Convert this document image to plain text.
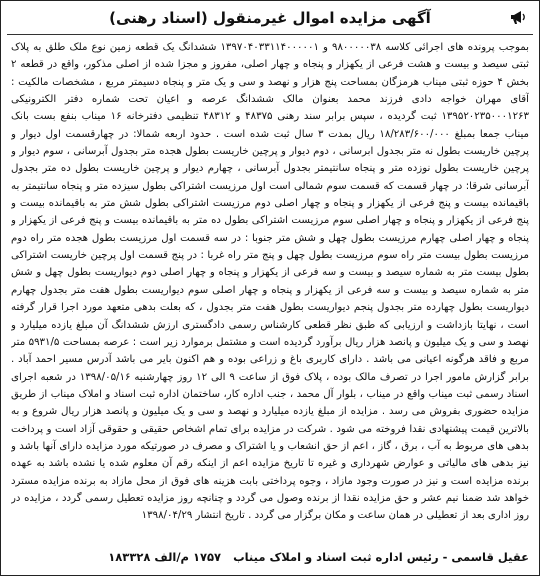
آگهی مزایده اموال غیرمنقول (اسناد رهنی)

بموجب پرونده های اجرائی کلاسه ۹۸۰۰۰۰۰۳۸ و ۱۳۹۷۰۴۰۳۳۱۱۴۰۰۰۰۰۱ ششدانگ یک قطعه زمین نوع ملک طلق به پلاک ثبتی سیصد و بیست و هشت فرعی از یکهزار و پنجاه و چهار اصلی، مفروز و مجزا شده از اصلی مذکور، واقع در قطعه ۲ بخش ۴ حوزه ثبتی میناب هرمزگان بمساحت پنج هزار و نهصد و سی و یک متر و پنجاه دسیمتر مربع ، مشخصات مالکیت : آقای مهران خواجه دادی فرزند محمد بعنوان مالک ششدانگ عرصه و اعیان تحت شماره دفتر الکترونیکی ۱۳۹۵۲۰۲۳۵۰۰۰۱۲۶۳ ثبت گردیده ، سپس برابر سند رهنی ۴۸۳۷۵ و ۴۸۳۱۲ تنظیمی دفترخانه ۱۶ میناب بنفع بست بانک میناب جمعا بمبلغ ۱۸/۲۸۳/۶۰۰/۰۰۰ ریال بمدت ۳ سال ثبت شده است . حدود اربعه شمالا: در چهارقسمت اول دیوار و پرچین خاریست بطول نه متر بجدول ابرسانی ، دوم دیوار و پرچین خاریست بطول هجده متر بجدول آبرسانی ، سوم دیوار و پرچین خاریست بطول نوزده متر و پنجاه سانتیمتر بجدول آبرسانی ، چهارم دیوار و پرچین خاریست بطول ده متر بجدول آبرسانی شرقا: در چهار قسمت که قسمت سوم شمالی است اول مرزیست اشتراکی بطول سیزده متر و پنجاه سانتیمتر به باقیمانده بیست و پنج فرعی از یکهزار و پنجاه و چهار اصلی دوم مرزیست اشتراکی بطول شش متر به باقیمانده بیست و پنج فرعی از یکهزار و پنجاه و چهار اصلی سوم مرزیست اشتراکی بطول ده متر به باقیمانده بیست و پنج فرعی از یکهزار و پنجاه و چهار اصلی چهارم مرزیست بطول چهل و شش متر جنوبا : در سه قسمت اول مرزیست بطول هجده متر راه دوم مرزیست بطول بیست متر راه سوم مرزیست بطول چهل و پنج متر راه غربا : در پنج قسمت اول پرچین خاریست اشتراکی بطول بیست متر به شماره سیصد و بیست و سه فرعی از یکهزار و پنجاه و چهار اصلی دوم دیواریست بطول چهل و شش متر به شماره سیصد و بیست و سه فرعی از یکهزار و پنجاه و چهار اصلی سوم دیواریست بطول هفت متر بجدول چهارم دیواریست بطول چهارده متر بجدول پنجم دیواریست بطول هفت متر بجدول ، که بعلت بدهی متعهد مورد اجرا قرار گرفته است ، نهایتا بازداشت و ارزیابی که طبق نظر قطعی کارشناس رسمی دادگستری ارزش ششدانگ آن مبلغ یازده میلیارد و نهصد و سی و یک میلیون و پانصد هزار ریال برآورد گردیده است و مشتمل برموارد زیر است : عرصه بمساحت ۵۹۳۱/۵ متر مربع و فاقد هرگونه اعیانی می باشد . دارای کاربری باغ و زراعی بوده و هم اکنون بایر می باشد آدرس مسیر احمد آباد . برابر گزارش مامور اجرا در تصرف مالک بوده ، پلاک فوق از ساعت ۹ الی ۱۲ روز چهارشنبه ۱۳۹۸/۰۵/۱۶ در شعبه اجرای اسناد رسمی ثبت میناب واقع در میناب ، بلوار آل محمد ، جنب اداره کار، ساختمان اداره ثبت اسناد و املاک میناب از طریق مزایده حضوری بفروش می رسد . مزایده از مبلغ یازده میلیارد و نهصد و سی و یک میلیون و پانصد هزار ریال شروع و به بالاترین قیمت پیشنهادی نقدا فروخته می شود . شرکت در مزایده برای تمام اشخاص حقیقی و حقوقی آزاد است و پرداخت بدهی های مربوط به آب ، برق ، گاز ، اعم از حق انشعاب و یا اشتراک و مصرف در صورتیکه مورد مزایده دارای آنها باشد و نیز بدهی های مالیاتی و عوارض شهرداری و غیره تا تاریخ مزایده اعم از اینکه رقم آن معلوم شده یا نشده باشد به عهده برنده مزایده است و نیز در صورت وجود مازاد ، وجوه پرداختی بابت هزینه های فوق از محل مازاد به برنده مزایده مسترد خواهد شد ضمنا نیم عشر و حق مزایده نقدا از برنده وصول می گردد و چنانچه روز مزایده تعطیل رسمی گردد ، مزایده در روز اداری بعد از تعطیلی در همان ساعت و مکان برگزار می گردد . تاریخ انتشار ۱۳۹۸/۰۴/۲۹

عقیل قاسمی - رئیس اداره ثبت اسناد و املاک میناب
۱۷۵۷ م/الف ۱۸۳۳۲۸
